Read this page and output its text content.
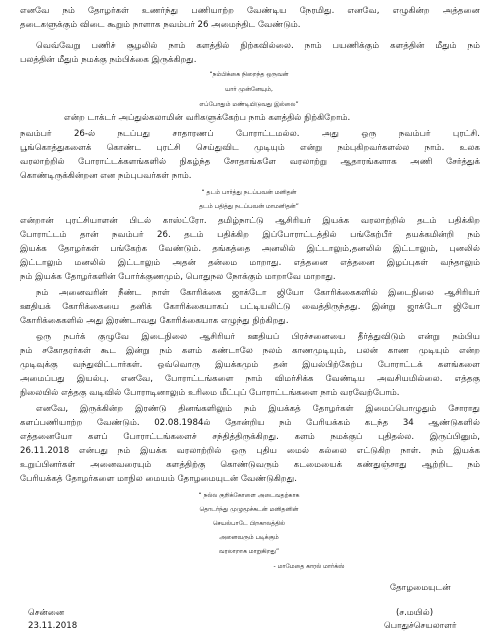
எனவே நம் தோழர்கள் உணர்ந்து பணியாற்ற வேண்டிய நேரமிது. எனவே, எழுகின்ற அத்தனை
தடைகளுக்கும் விடை கூறும் நாளாக நவம்பர் 26 அமைந்திட வேண்டும்.
வெவ்வேறு பணிச் சூழலில் நாம் களத்தில் நிற்கவில்லை. நாம் பயணிக்கும் களத்தின் மீதும் நம்
பலத்தின் மீதும் நமக்கு நம்பிக்கை இருக்கிறது.
“நம்பிக்கை நிறைந்த ஒருவன்
யார் முன்னேயும்,
எப்போதும் மண்டியிடுவது இல்லை”
என்ற டாக்டர் அப்துல்கலாமின் வரிகளுக்கேற்ப நாம் களத்தில் நிற்கிறோம்.
நவம்பர் 26-ல் நடப்பது சாதாரணப் போராட்டமல்ல. அது ஒரு நவம்பர் புரட்சி.
பூங்கொத்துகளைக் கொண்ட புரட்சி செய்துவிட முடியும் என்று நம்புகிறவர்களல்ல நாம். உலக
வரலாற்றில் போராட்டக்களங்களில் நிகழ்ந்த சோதாங்களே வரலாற்று ஆதாரங்களாக அணி சேர்த்துக்
கொண்டிருக்கின்றன என நம்புபவர்கள் நாம்.
“ தடம் பார்த்து நடப்பவன் மனிதன்
தடம் பதித்து நடப்பவன் மாமனிதன்”
என்றான் புரட்சியாளன் பிடல் காஸ்ட்ரோ. தமிழ்நாட்டு ஆசிரியர் இயக்க வரலாற்றில் தடம் பதிக்கிற
போராட்டம் தான் நவம்பர் 26. தடம் பதிக்கிற இப்போராட்டத்தில் பங்கேற்பீர் தயக்கமின்றி நம்
இயக்க தோழர்கள் பங்கேற்க வேண்டும். தங்கத்தை அனலில் இட்டாலும்,தனலில் இட்டாலும், புனலில்
இட்டாலும் மனலில் இட்டாலும் அதன் தன்மை மாறாது. எத்தனை எத்தனை இழப்புகள் வந்தாலும்
நம் இயக்க தோழர்களின் போர்க்குணமும், பொதுநல நோக்கும் மாறாவே மாறாது.
நம் அனைவரின் நீண்ட நாள் கோரிக்கை ஜாக்டோ ஜியோ கோரிக்கைகளில் இடைநிலை ஆசிரியர்
ஊதியக் கோரிக்கையை தனிக் கோரிக்கையாகப் பட்டியலிட்டு வைத்திருந்தது. இன்று ஜாக்டோ ஜியோ
கோரிக்கைகளில் அது இரண்டாவது கோரிக்கையாக எழுந்து நிற்கிறது.
ஒரு நபர்க் குழுவே இடைநிலை ஆசிரியர் ஊதியப் பிரச்சனையை தீர்த்துவிடும் என்று நம்பிய
நம் சகோதரர்கள் கூட இன்று நம் களம் கண்டாலே நலம் காணமுடியும், பலன் காண முடியும் என்ற
முடிவுக்கு வந்துவிட்டார்கள். ஒவ்வொரு இயக்கமும் தன் இயல்பிற்கேற்ப போராட்டக் களங்களை
அமைப்பது இயல்பு. எனவே, போராட்டங்களை நாம் விமர்சிக்க வேண்டிய அவசியமில்லை. எத்தகு
நிலையில் எத்தகு வடிவில் போராடினாலும் உரிமை மீட்புப் போராட்டங்களை நாம் வரவேற்போம்.
எனவே, இருக்கின்ற இரண்டு தினங்களிலும் நம் இயக்கத் தோழர்கள் இமைப்பொழுதும் சோராது
களப்பணியாற்ற வேண்டும். 02.08.1984ல் தோன்றிய நம் பேரியக்கம் கடந்த 34 ஆண்டுகளில்
எத்தனையோ களப் போராட்டங்களைச் சந்தித்திருக்கிறது. களம் நமக்குப் புதிதல்ல. இருப்பினும்,
26.11.2018 என்பது நம் இயக்க வரலாற்றில் ஒரு புதிய மைல் கல்லை எட்டுகிற நாள். நம் இயக்க
உறுப்பினர்கள் அனைவரையும் களத்திற்கு கொண்டுவரும் கடமையைக் கண்துஞ்சாது ஆற்றிட நம்
பேரியக்கத் தோழர்களை மாநில மையம் தோழமையுடன் வேண்டுகிறது.
“ நல்ல குறிக்கோளை அடைவதற்காக
தொடர்ந்து முழுமூச்சுடன் மனிதனின்
செயல்பாடே பிறகாலத்தில்
அனைவரும் படிக்கும்
வரலாறாக மாறுகிறது”
- மாமேதை காரல் மார்க்ஸ்
தோழமையுடன்
(ச.மயில்)
பொதுச்செயலாளர்
சென்னை
23.11.2018
